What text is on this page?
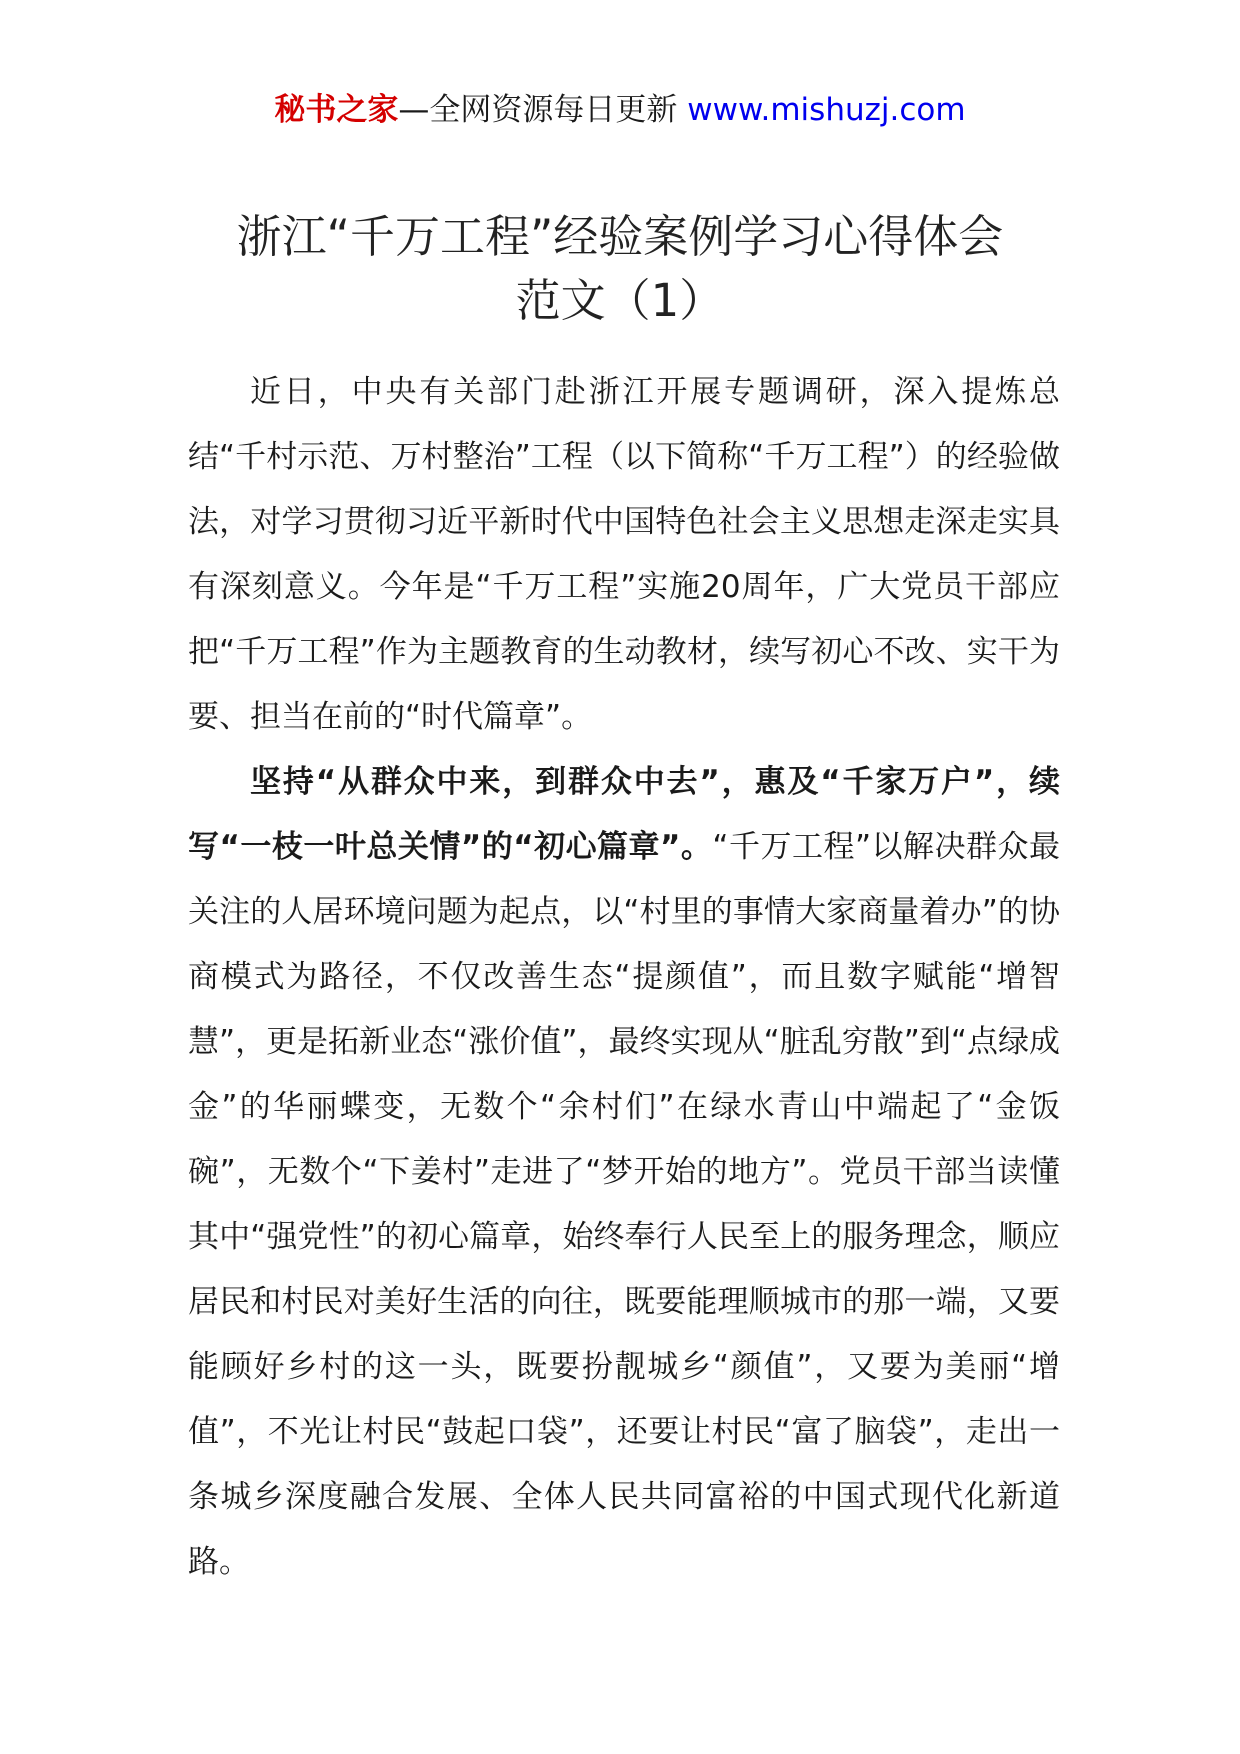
秘书之家—全网资源每日更新 www.mishuzj.com
浙江“千万工程”经验案例学习心得体会
范文（1）

近日，中央有关部门赴浙江开展专题调研，深入提炼总结“千村示范、万村整治”工程（以下简称“千万工程”）的经验做法，对学习贯彻习近平新时代中国特色社会主义思想走深走实具有深刻意义。今年是“千万工程”实施20周年，广大党员干部应把“千万工程”作为主题教育的生动教材，续写初心不改、实干为要、担当在前的“时代篇章”。

坚持“从群众中来，到群众中去”，惠及“千家万户”，续写“一枝一叶总关情”的“初心篇章”。“千万工程”以解决群众最关注的人居环境问题为起点，以“村里的事情大家商量着办”的协商模式为路径，不仅改善生态“提颜值”，而且数字赋能“增智慧”，更是拓新业态“涨价值”，最终实现从“脏乱穷散”到“点绿成金”的华丽蝶变，无数个“余村们”在绿水青山中端起了“金饭碗”，无数个“下姜村”走进了“梦开始的地方”。党员干部当读懂其中“强党性”的初心篇章，始终奉行人民至上的服务理念，顺应居民和村民对美好生活的向往，既要能理顺城市的那一端，又要能顾好乡村的这一头，既要扮靓城乡“颜值”，又要为美丽“增值”，不光让村民“鼓起口袋”，还要让村民“富了脑袋”，走出一条城乡深度融合发展、全体人民共同富裕的中国式现代化新道路。
